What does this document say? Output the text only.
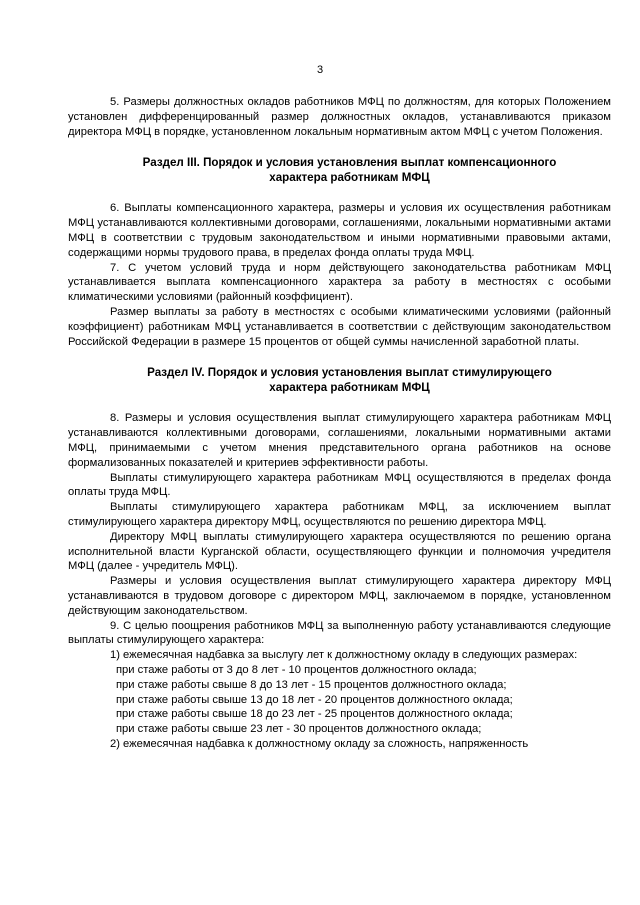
3

5. Размеры должностных окладов работников МФЦ по должностям, для которых Положением установлен дифференцированный размер должностных окладов, устанавливаются приказом директора МФЦ в порядке, установленном локальным нормативным актом МФЦ с учетом Положения.

Раздел III. Порядок и условия установления выплат компенсационного характера работникам МФЦ

6. Выплаты компенсационного характера, размеры и условия их осуществления работникам МФЦ устанавливаются коллективными договорами, соглашениями, локальными нормативными актами МФЦ в соответствии с трудовым законодательством и иными нормативными правовыми актами, содержащими нормы трудового права, в пределах фонда оплаты труда МФЦ.

7. С учетом условий труда и норм действующего законодательства работникам МФЦ устанавливается выплата компенсационного характера за работу в местностях с особыми климатическими условиями (районный коэффициент).

Размер выплаты за работу в местностях с особыми климатическими условиями (районный коэффициент) работникам МФЦ устанавливается в соответствии с действующим законодательством Российской Федерации в размере 15 процентов от общей суммы начисленной заработной платы.

Раздел IV. Порядок и условия установления выплат стимулирующего характера работникам МФЦ

8. Размеры и условия осуществления выплат стимулирующего характера работникам МФЦ устанавливаются коллективными договорами, соглашениями, локальными нормативными актами МФЦ, принимаемыми с учетом мнения представительного органа работников на основе формализованных показателей и критериев эффективности работы.

Выплаты стимулирующего характера работникам МФЦ осуществляются в пределах фонда оплаты труда МФЦ.

Выплаты стимулирующего характера работникам МФЦ, за исключением выплат стимулирующего характера директору МФЦ, осуществляются по решению директора МФЦ.

Директору МФЦ выплаты стимулирующего характера осуществляются по решению органа исполнительной власти Курганской области, осуществляющего функции и полномочия учредителя МФЦ (далее - учредитель МФЦ).

Размеры и условия осуществления выплат стимулирующего характера директору МФЦ устанавливаются в трудовом договоре с директором МФЦ, заключаемом в порядке, установленном действующим законодательством.

9. С целью поощрения работников МФЦ за выполненную работу устанавливаются следующие выплаты стимулирующего характера:

1) ежемесячная надбавка за выслугу лет к должностному окладу в следующих размерах:

при стаже работы от 3 до 8 лет - 10 процентов должностного оклада;

при стаже работы свыше 8 до 13 лет - 15 процентов должностного оклада;

при стаже работы свыше 13 до 18 лет - 20 процентов должностного оклада;

при стаже работы свыше 18 до 23 лет - 25 процентов должностного оклада;

при стаже работы свыше 23 лет - 30 процентов должностного оклада;

2) ежемесячная надбавка к должностному окладу за сложность, напряженность
